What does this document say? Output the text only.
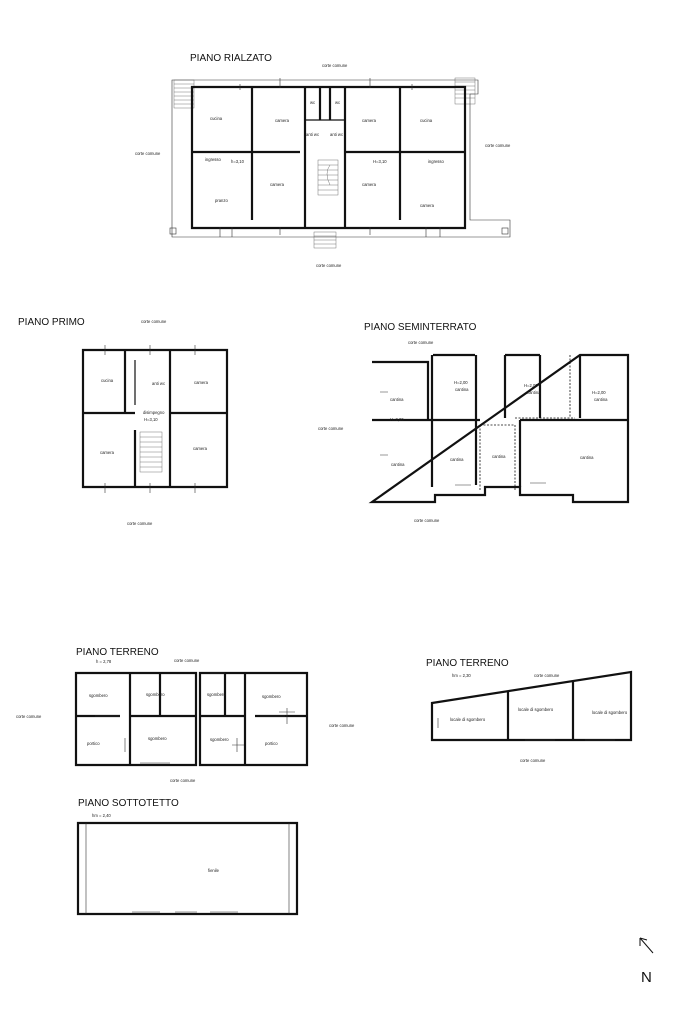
PIANO RIALZATO
corte comune
corte comune
corte comune
corte comune
cucina	camera
wc	wc
anti wc	anti wc
camera	cucina
ingresso h=3,10	H=3,10	ingresso
pranzo
camera	camera
camera
PIANO PRIMO	corte comune
corte comune
cucina
anti wc	camera
disimpegno
H=3,10
camera
camera
PIANO SEMINTERRATO
corte comune
corte comune
corte comune
cantina
H=2,00
H=2,00
cantina
H=2,00
cantina	H=2,00
cantina
cantina
cantina
cantina	cantina
PIANO TERRENO
h = 2,78	corte comune
corte comune
corte comune
corte comune
sgombero	sgombero	sgombero	sgombero
portico
sgombero	sgombero
portico
PIANO TERRENO
hm = 2,30	corte comune
corte comune
locale di sgombero
locale di sgombero
locale di sgombero
PIANO SOTTOTETTO
hm = 2,40
fienile
N
